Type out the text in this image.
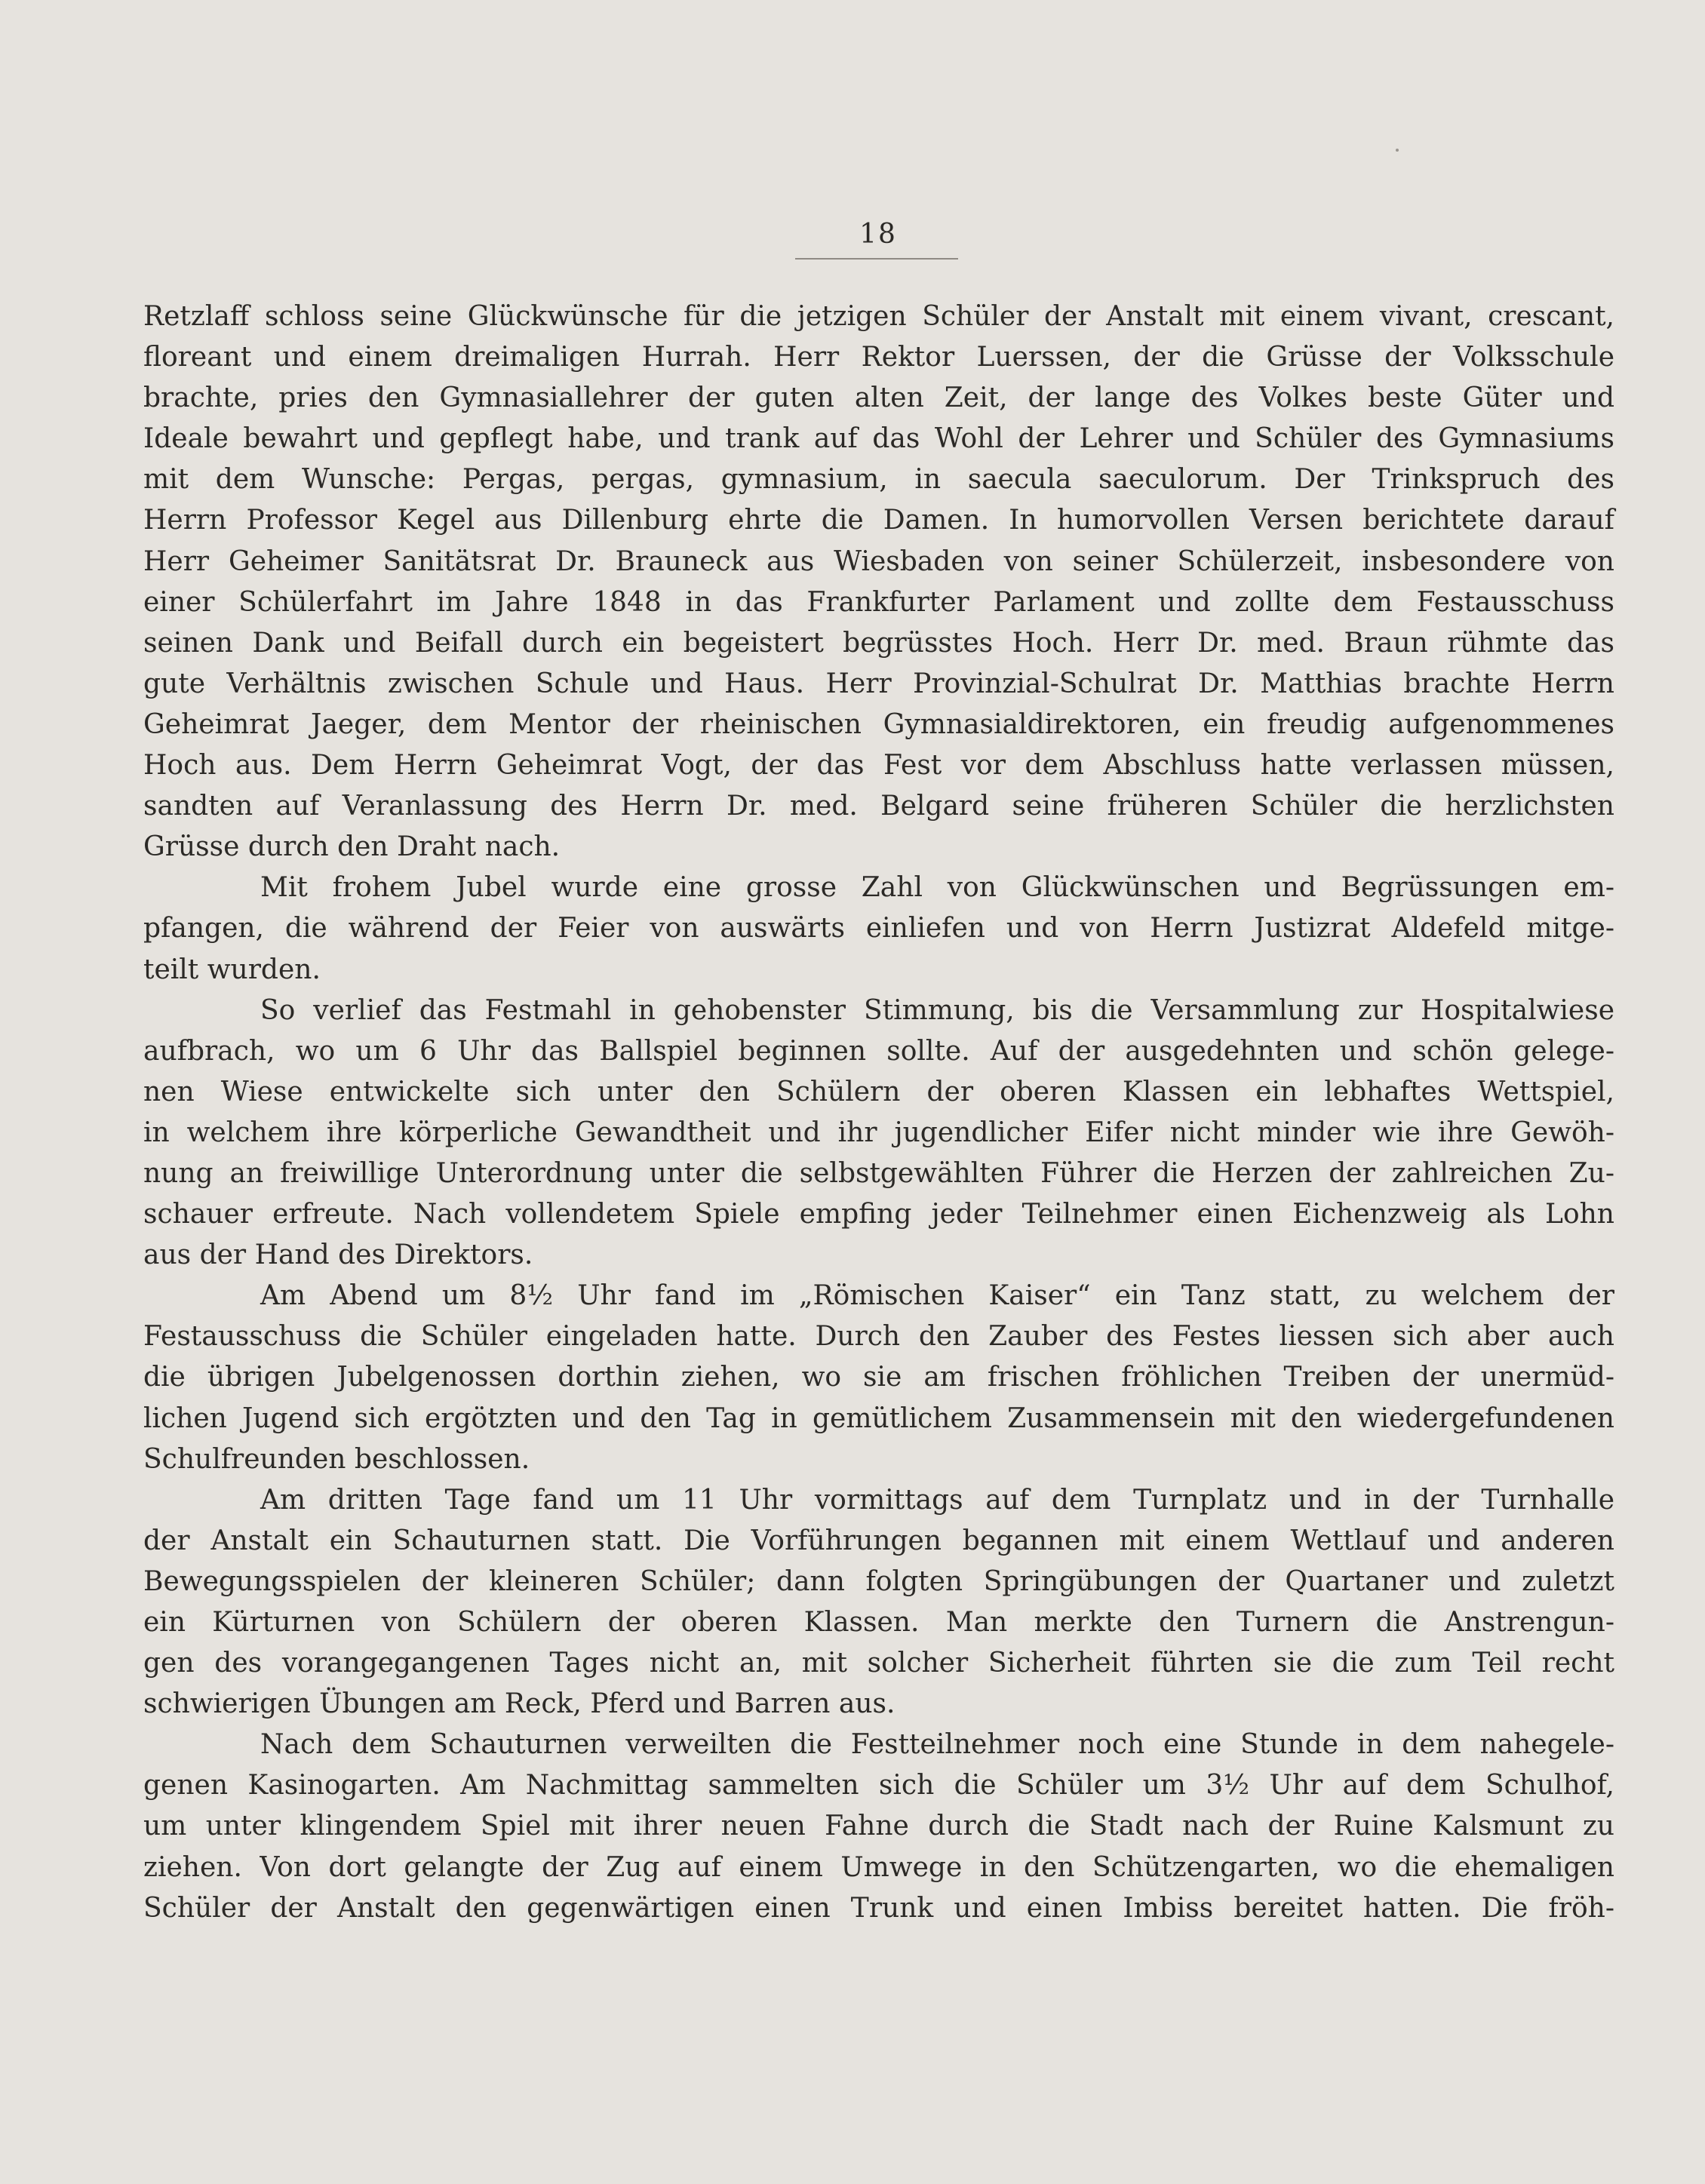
18
Retzlaff schloss seine Glückwünsche für die jetzigen Schüler der Anstalt mit einem vivant, crescant,
floreant und einem dreimaligen Hurrah. Herr Rektor Luerssen, der die Grüsse der Volksschule
brachte, pries den Gymnasiallehrer der guten alten Zeit, der lange des Volkes beste Güter und
Ideale bewahrt und gepflegt habe, und trank auf das Wohl der Lehrer und Schüler des Gymnasiums
mit dem Wunsche: Pergas, pergas, gymnasium, in saecula saeculorum. Der Trinkspruch des
Herrn Professor Kegel aus Dillenburg ehrte die Damen. In humorvollen Versen berichtete darauf
Herr Geheimer Sanitätsrat Dr. Brauneck aus Wiesbaden von seiner Schülerzeit, insbesondere von
einer Schülerfahrt im Jahre 1848 in das Frankfurter Parlament und zollte dem Festausschuss
seinen Dank und Beifall durch ein begeistert begrüsstes Hoch. Herr Dr. med. Braun rühmte das
gute Verhältnis zwischen Schule und Haus. Herr Provinzial-Schulrat Dr. Matthias brachte Herrn
Geheimrat Jaeger, dem Mentor der rheinischen Gymnasialdirektoren, ein freudig aufgenommenes
Hoch aus. Dem Herrn Geheimrat Vogt, der das Fest vor dem Abschluss hatte verlassen müssen,
sandten auf Veranlassung des Herrn Dr. med. Belgard seine früheren Schüler die herzlichsten
Grüsse durch den Draht nach.
Mit frohem Jubel wurde eine grosse Zahl von Glückwünschen und Begrüssungen em-
pfangen, die während der Feier von auswärts einliefen und von Herrn Justizrat Aldefeld mitge-
teilt wurden.
So verlief das Festmahl in gehobenster Stimmung, bis die Versammlung zur Hospitalwiese
aufbrach, wo um 6 Uhr das Ballspiel beginnen sollte. Auf der ausgedehnten und schön gelege-
nen Wiese entwickelte sich unter den Schülern der oberen Klassen ein lebhaftes Wettspiel,
in welchem ihre körperliche Gewandtheit und ihr jugendlicher Eifer nicht minder wie ihre Gewöh-
nung an freiwillige Unterordnung unter die selbstgewählten Führer die Herzen der zahlreichen Zu-
schauer erfreute. Nach vollendetem Spiele empfing jeder Teilnehmer einen Eichenzweig als Lohn
aus der Hand des Direktors.
Am Abend um 8½ Uhr fand im „Römischen Kaiser“ ein Tanz statt, zu welchem der
Festausschuss die Schüler eingeladen hatte. Durch den Zauber des Festes liessen sich aber auch
die übrigen Jubelgenossen dorthin ziehen, wo sie am frischen fröhlichen Treiben der unermüd-
lichen Jugend sich ergötzten und den Tag in gemütlichem Zusammensein mit den wiedergefundenen
Schulfreunden beschlossen.
Am dritten Tage fand um 11 Uhr vormittags auf dem Turnplatz und in der Turnhalle
der Anstalt ein Schauturnen statt. Die Vorführungen begannen mit einem Wettlauf und anderen
Bewegungsspielen der kleineren Schüler; dann folgten Springübungen der Quartaner und zuletzt
ein Kürturnen von Schülern der oberen Klassen. Man merkte den Turnern die Anstrengun-
gen des vorangegangenen Tages nicht an, mit solcher Sicherheit führten sie die zum Teil recht
schwierigen Übungen am Reck, Pferd und Barren aus.
Nach dem Schauturnen verweilten die Festteilnehmer noch eine Stunde in dem nahegele-
genen Kasinogarten. Am Nachmittag sammelten sich die Schüler um 3½ Uhr auf dem Schulhof,
um unter klingendem Spiel mit ihrer neuen Fahne durch die Stadt nach der Ruine Kalsmunt zu
ziehen. Von dort gelangte der Zug auf einem Umwege in den Schützengarten, wo die ehemaligen
Schüler der Anstalt den gegenwärtigen einen Trunk und einen Imbiss bereitet hatten. Die fröh-
